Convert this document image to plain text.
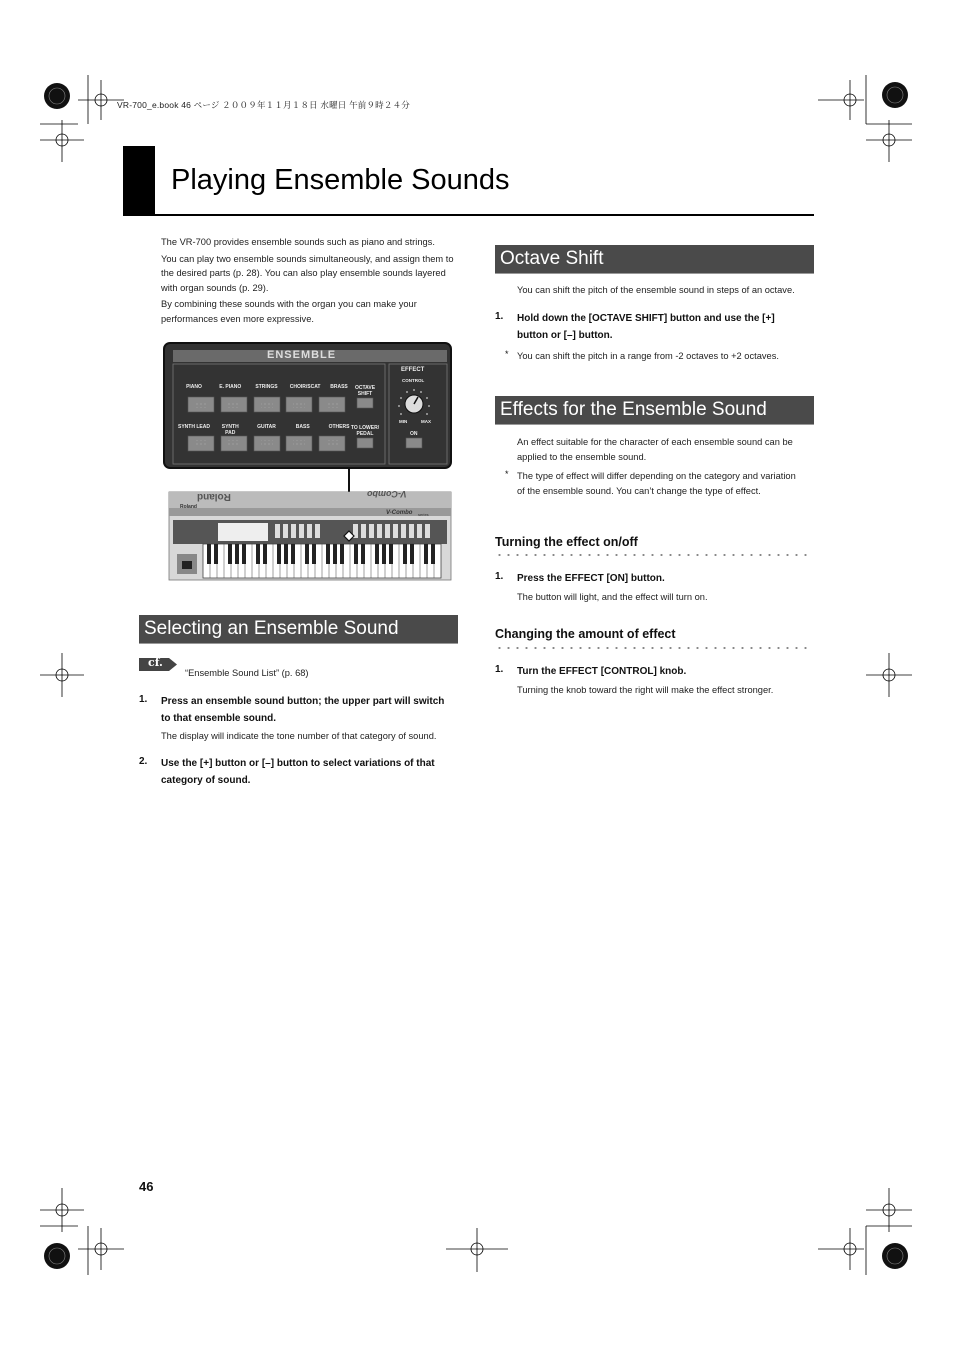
VR-700_e.book 46 ページ ２００９年１１月１８日 水曜日 午前９時２４分
Playing Ensemble Sounds
The VR-700 provides ensemble sounds such as piano and strings.
You can play two ensemble sounds simultaneously, and assign them to the desired parts (p. 28). You can also play ensemble sounds layered with organ sounds (p. 29).
By combining these sounds with the organ you can make your performances even more expressive.
ENSEMBLE
PIANO	E. PIANO	STRINGS	CHOIR/SCAT	BRASS
SYNTH LEAD	SYNTH PAD
GUITAR	BASS	OTHERS
OCTAVE SHIFT
TO LOWER/ PEDAL
EFFECT
CONTROL
MIN	MAX
ON
Roland	V-Combo
Roland
V-Combo series
Selecting an Ensemble Sound
cf.
“Ensemble Sound List” (p. 68)
1. Press an ensemble sound button; the upper part will switch to that ensemble sound.
The display will indicate the tone number of that category of sound.
2. Use the [+] button or [–] button to select variations of that category of sound.
Octave Shift
You can shift the pitch of the ensemble sound in steps of an octave.
1. Hold down the [OCTAVE SHIFT] button and use the [+] button or [–] button.
* You can shift the pitch in a range from -2 octaves to +2 octaves.
Effects for the Ensemble Sound
An effect suitable for the character of each ensemble sound can be applied to the ensemble sound.
* The type of effect will differ depending on the category and variation of the ensemble sound. You can’t change the type of effect.
Turning the effect on/off
1. Press the EFFECT [ON] button.
The button will light, and the effect will turn on.
Changing the amount of effect
1. Turn the EFFECT [CONTROL] knob.
Turning the knob toward the right will make the effect stronger.
46
